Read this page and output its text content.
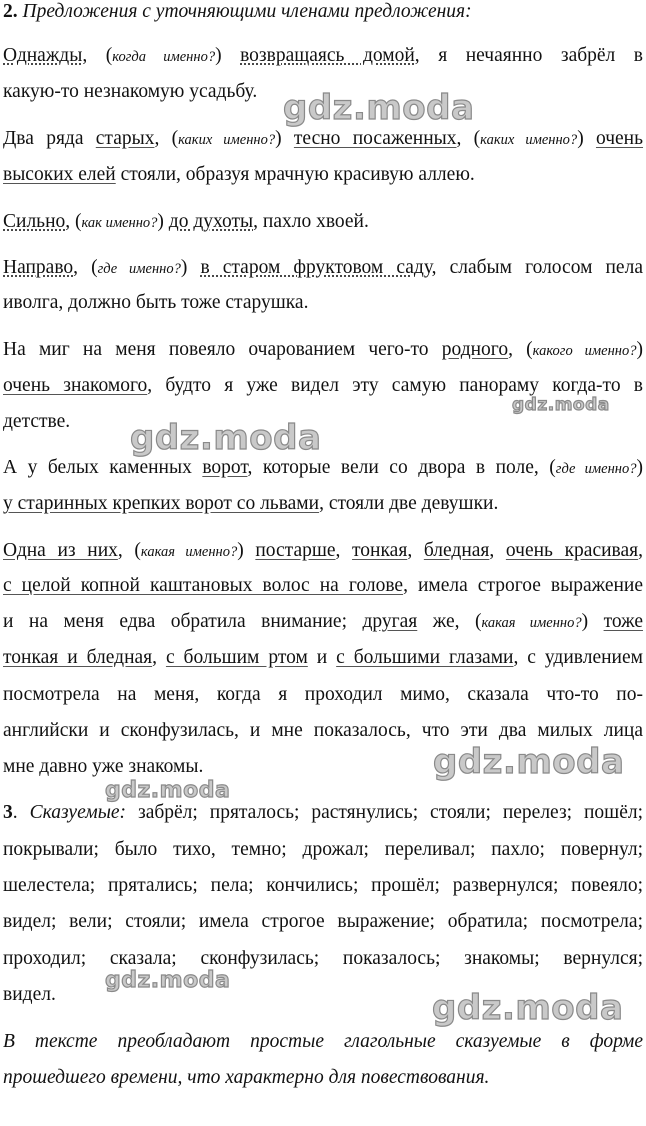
2. Предложения с уточняющими членами предложения:
Однажды, (когда именно?) возвращаясь домой, я нечаянно забрёл в
какую-то незнакомую усадьбу.
Два ряда старых, (каких именно?) тесно посаженных, (каких именно?) очень
высоких елей стояли, образуя мрачную красивую аллею.
Сильно, (как именно?) до духоты, пахло хвоей.
Направо, (где именно?) в старом фруктовом саду, слабым голосом пела
иволга, должно быть тоже старушка.
На миг на меня повеяло очарованием чего-то родного, (какого именно?)
очень знакомого, будто я уже видел эту самую панораму когда-то в
детстве.
А у белых каменных ворот, которые вели со двора в поле, (где именно?)
у старинных крепких ворот со львами, стояли две девушки.
Одна из них, (какая именно?) постарше, тонкая, бледная, очень красивая,
с целой копной каштановых волос на голове, имела строгое выражение
и на меня едва обратила внимание; другая же, (какая именно?) тоже
тонкая и бледная, с большим ртом и с большими глазами, с удивлением
посмотрела на меня, когда я проходил мимо, сказала что-то по-
английски и сконфузилась, и мне показалось, что эти два милых лица
мне давно уже знакомы.
3. Сказуемые: забрёл; пряталось; растянулись; стояли; перелез; пошёл;
покрывали; было тихо, темно; дрожал; переливал; пахло; повернул;
шелестела; прятались; пела; кончились; прошёл; развернулся; повеяло;
видел; вели; стояли; имела строгое выражение; обратила; посмотрела;
проходил; сказала; сконфузилась; показалось; знакомы; вернулся;
видел.
В тексте преобладают простые глагольные сказуемые в форме
прошедшего времени, что характерно для повествования.
gdz.moda
gdz.moda
gdz.moda
gdz.moda
gdz.moda
gdz.moda
gdz.moda
